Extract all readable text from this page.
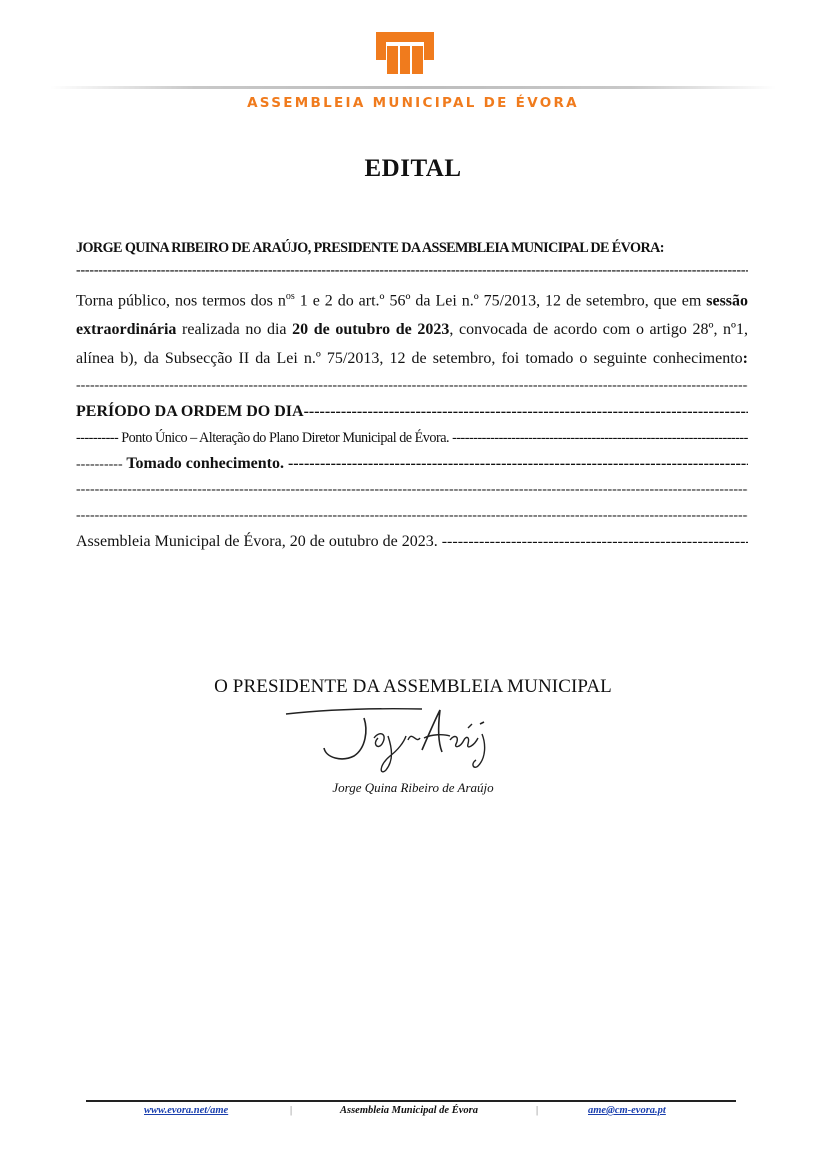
ASSEMBLEIA MUNICIPAL DE ÉVORA
EDITAL
JORGE QUINA RIBEIRO DE ARAÚJO, PRESIDENTE DA ASSEMBLEIA MUNICIPAL DE ÉVORA:
-----
Torna público, nos termos dos $n^{os}$ 1 e 2 do art.º 56º da Lei n.º 75/2013, 12 de setembro, que em sessão
extraordinária realizada no dia 20 de outubro de 2023, convocada de acordo com o artigo 28º, nº1,
alínea b), da Subsecção II da Lei n.º 75/2013, 12 de setembro, foi tomado o seguinte conhecimento:
-----
PERÍODO DA ORDEM DO DIA -----
---------- Ponto Único – Alteração do Plano Diretor Municipal de Évora. -----
---------- Tomado conhecimento. -----
-----
-----
Assembleia Municipal de Évora, 20 de outubro de 2023. -----
O PRESIDENTE DA ASSEMBLEIA MUNICIPAL
Jorge Quina Ribeiro de Araújo
www.evora.net/ame	|	Assembleia Municipal de Évora	|	ame@cm-evora.pt
